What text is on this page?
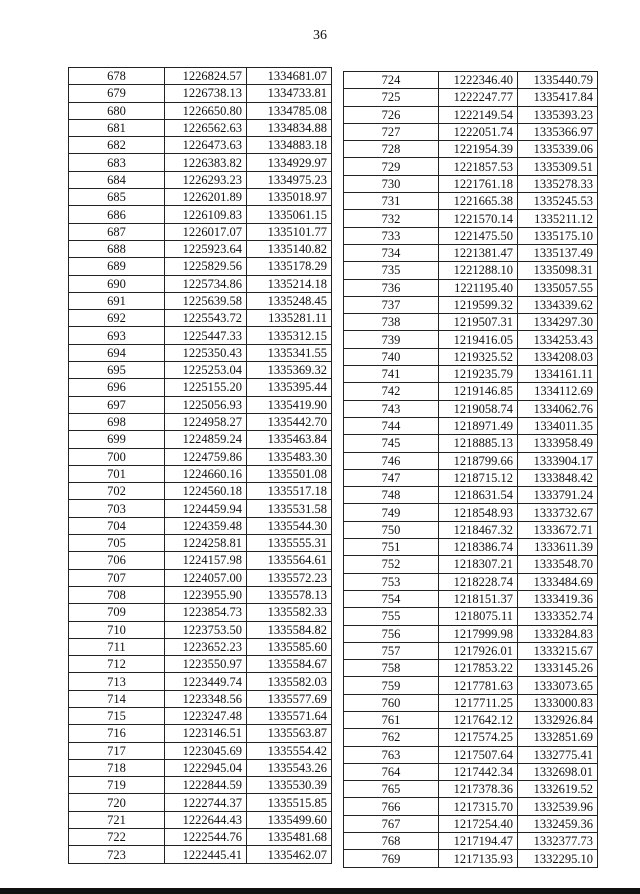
36
678	1226824.57	1334681.07
679	1226738.13	1334733.81
680	1226650.80	1334785.08
681	1226562.63	1334834.88
682	1226473.63	1334883.18
683	1226383.82	1334929.97
684	1226293.23	1334975.23
685	1226201.89	1335018.97
686	1226109.83	1335061.15
687	1226017.07	1335101.77
688	1225923.64	1335140.82
689	1225829.56	1335178.29
690	1225734.86	1335214.18
691	1225639.58	1335248.45
692	1225543.72	1335281.11
693	1225447.33	1335312.15
694	1225350.43	1335341.55
695	1225253.04	1335369.32
696	1225155.20	1335395.44
697	1225056.93	1335419.90
698	1224958.27	1335442.70
699	1224859.24	1335463.84
700	1224759.86	1335483.30
701	1224660.16	1335501.08
702	1224560.18	1335517.18
703	1224459.94	1335531.58
704	1224359.48	1335544.30
705	1224258.81	1335555.31
706	1224157.98	1335564.61
707	1224057.00	1335572.23
708	1223955.90	1335578.13
709	1223854.73	1335582.33
710	1223753.50	1335584.82
711	1223652.23	1335585.60
712	1223550.97	1335584.67
713	1223449.74	1335582.03
714	1223348.56	1335577.69
715	1223247.48	1335571.64
716	1223146.51	1335563.87
717	1223045.69	1335554.42
718	1222945.04	1335543.26
719	1222844.59	1335530.39
720	1222744.37	1335515.85
721	1222644.43	1335499.60
722	1222544.76	1335481.68
723	1222445.41	1335462.07
724	1222346.40	1335440.79
725	1222247.77	1335417.84
726	1222149.54	1335393.23
727	1222051.74	1335366.97
728	1221954.39	1335339.06
729	1221857.53	1335309.51
730	1221761.18	1335278.33
731	1221665.38	1335245.53
732	1221570.14	1335211.12
733	1221475.50	1335175.10
734	1221381.47	1335137.49
735	1221288.10	1335098.31
736	1221195.40	1335057.55
737	1219599.32	1334339.62
738	1219507.31	1334297.30
739	1219416.05	1334253.43
740	1219325.52	1334208.03
741	1219235.79	1334161.11
742	1219146.85	1334112.69
743	1219058.74	1334062.76
744	1218971.49	1334011.35
745	1218885.13	1333958.49
746	1218799.66	1333904.17
747	1218715.12	1333848.42
748	1218631.54	1333791.24
749	1218548.93	1333732.67
750	1218467.32	1333672.71
751	1218386.74	1333611.39
752	1218307.21	1333548.70
753	1218228.74	1333484.69
754	1218151.37	1333419.36
755	1218075.11	1333352.74
756	1217999.98	1333284.83
757	1217926.01	1333215.67
758	1217853.22	1333145.26
759	1217781.63	1333073.65
760	1217711.25	1333000.83
761	1217642.12	1332926.84
762	1217574.25	1332851.69
763	1217507.64	1332775.41
764	1217442.34	1332698.01
765	1217378.36	1332619.52
766	1217315.70	1332539.96
767	1217254.40	1332459.36
768	1217194.47	1332377.73
769	1217135.93	1332295.10
